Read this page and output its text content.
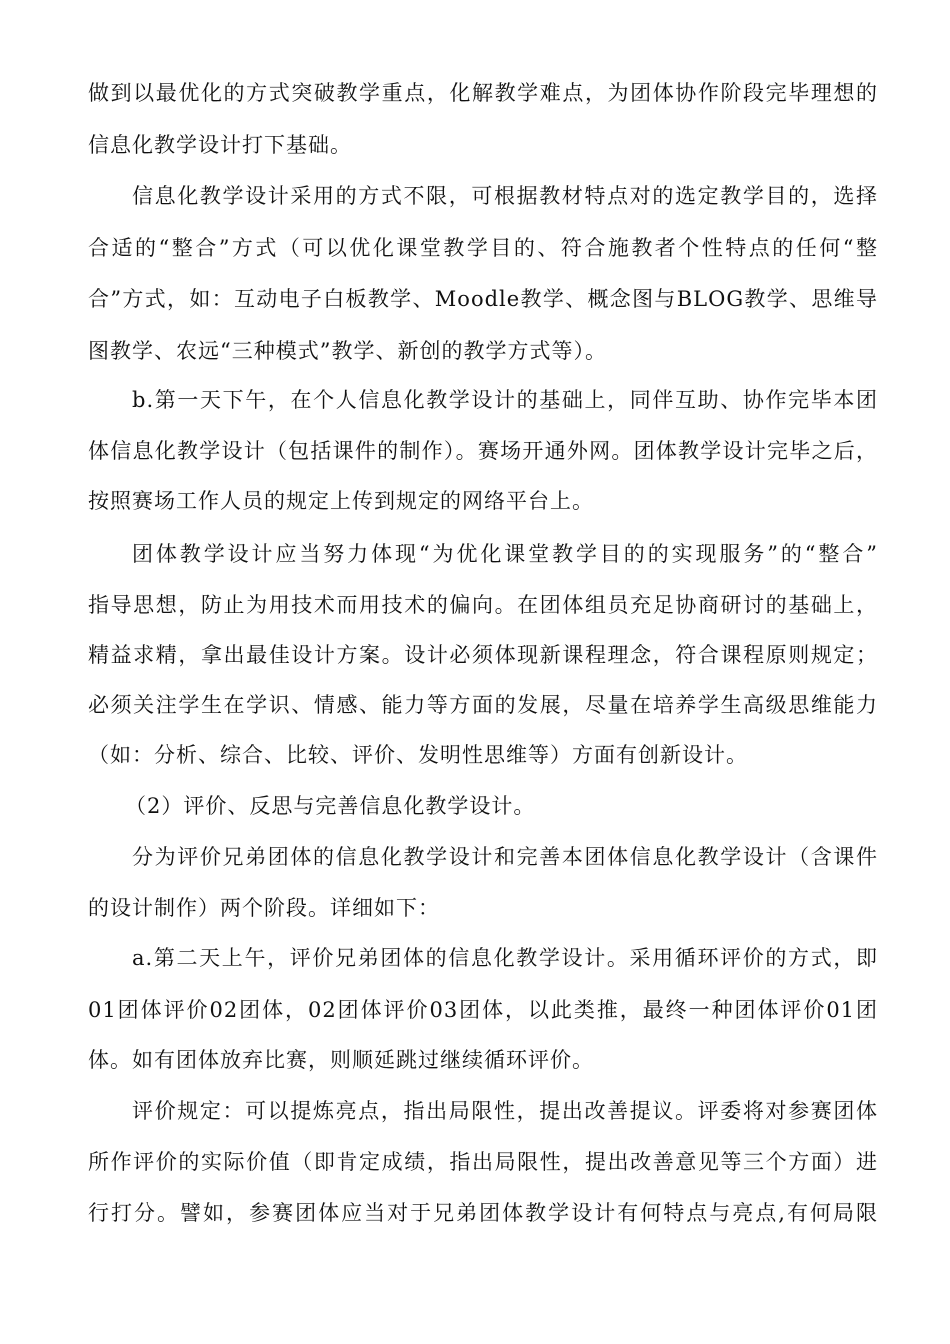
做到以最优化的方式突破教学重点，化解教学难点，为团体协作阶段完毕理想的
信息化教学设计打下基础。
信息化教学设计采用的方式不限，可根据教材特点对的选定教学目的，选择
合适的“整合”方式（可以优化课堂教学目的、符合施教者个性特点的任何“整
合”方式，如：互动电子白板教学、Moodle教学、概念图与BLOG教学、思维导
图教学、农远“三种模式”教学、新创的教学方式等）。
b.第一天下午，在个人信息化教学设计的基础上，同伴互助、协作完毕本团
体信息化教学设计（包括课件的制作）。赛场开通外网。团体教学设计完毕之后，
按照赛场工作人员的规定上传到规定的网络平台上。
团体教学设计应当努力体现“为优化课堂教学目的的实现服务”的“整合”
指导思想，防止为用技术而用技术的偏向。在团体组员充足协商研讨的基础上，
精益求精，拿出最佳设计方案。设计必须体现新课程理念，符合课程原则规定；
必须关注学生在学识、情感、能力等方面的发展，尽量在培养学生高级思维能力
（如：分析、综合、比较、评价、发明性思维等）方面有创新设计。
（2）评价、反思与完善信息化教学设计。
分为评价兄弟团体的信息化教学设计和完善本团体信息化教学设计（含课件
的设计制作）两个阶段。详细如下：
a.第二天上午，评价兄弟团体的信息化教学设计。采用循环评价的方式，即
01团体评价02团体，02团体评价03团体，以此类推，最终一种团体评价01团
体。如有团体放弃比赛，则顺延跳过继续循环评价。
评价规定：可以提炼亮点，指出局限性，提出改善提议。评委将对参赛团体
所作评价的实际价值（即肯定成绩，指出局限性，提出改善意见等三个方面）进
行打分。譬如，参赛团体应当对于兄弟团体教学设计有何特点与亮点,有何局限
